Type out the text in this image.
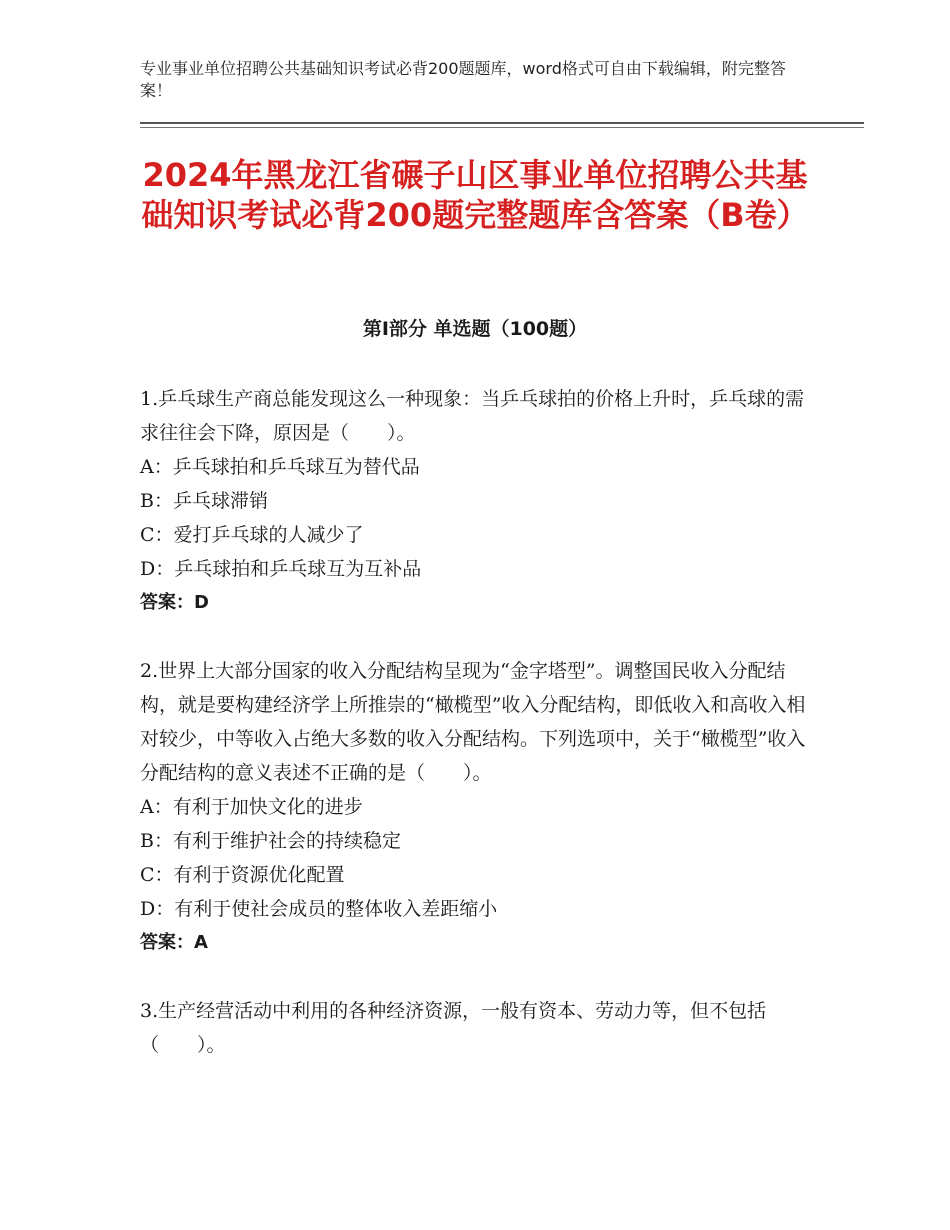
专业事业单位招聘公共基础知识考试必背200题题库，word格式可自由下载编辑，附完整答案！
2024年黑龙江省碾子山区事业单位招聘公共基础知识考试必背200题完整题库含答案（B卷）
第Ⅰ部分 单选题（100题）

1.乒乓球生产商总能发现这么一种现象：当乒乓球拍的价格上升时，乒乓球的需求往往会下降，原因是（　　）。

A：乒乓球拍和乒乓球互为替代品

B：乒乓球滞销

C：爱打乒乓球的人减少了

D：乒乓球拍和乒乓球互为互补品

答案：D

2.世界上大部分国家的收入分配结构呈现为“金字塔型”。调整国民收入分配结构，就是要构建经济学上所推崇的“橄榄型”收入分配结构，即低收入和高收入相对较少，中等收入占绝大多数的收入分配结构。下列选项中，关于“橄榄型”收入分配结构的意义表述不正确的是（　　）。

A：有利于加快文化的进步

B：有利于维护社会的持续稳定

C：有利于资源优化配置

D：有利于使社会成员的整体收入差距缩小

答案：A

3.生产经营活动中利用的各种经济资源，一般有资本、劳动力等，但不包括（　　）。
